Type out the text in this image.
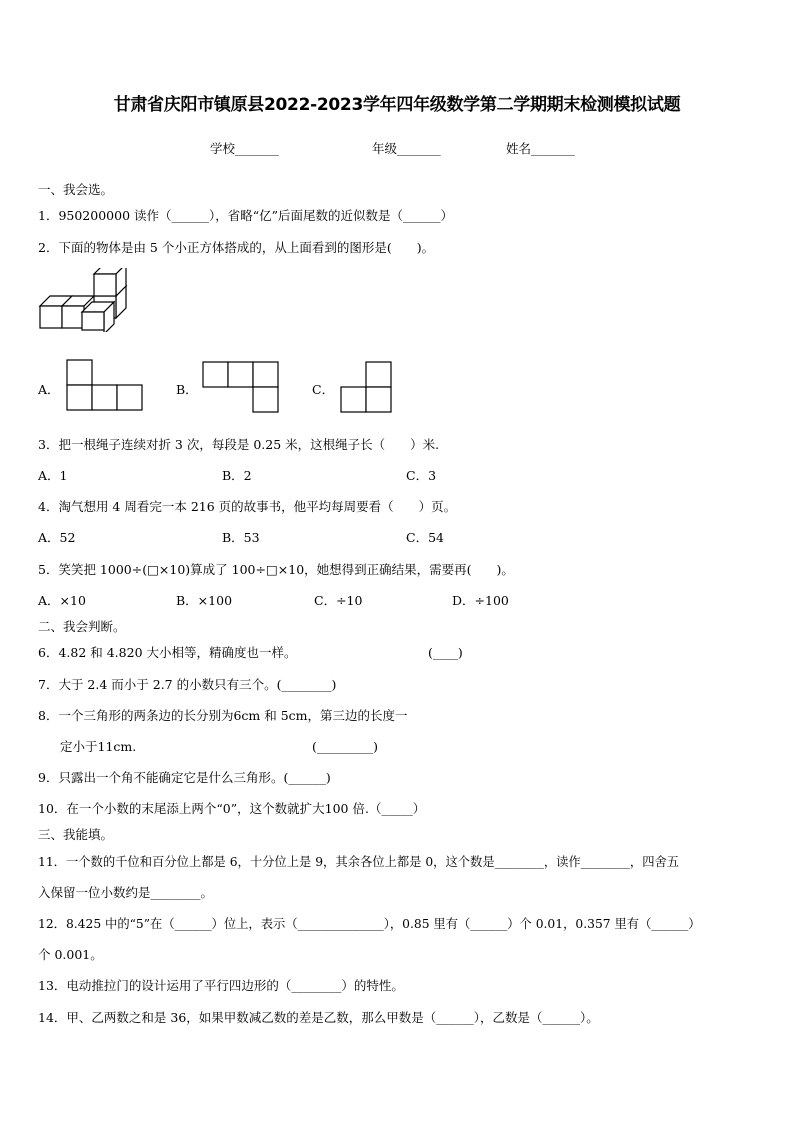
甘肃省庆阳市镇原县2022-2023学年四年级数学第二学期期末检测模拟试题
学校_______	年级_______	姓名_______
一、我会选。
1．950200000 读作（______），省略“亿”后面尾数的近似数是（______）
2．下面的物体是由 5 个小正方体搭成的，从上面看到的图形是(　　)。
A．	B．	C．
3．把一根绳子连续对折 3 次，每段是 0.25 米，这根绳子长（　　）米.
A．1	B．2	C．3
4．淘气想用 4 周看完一本 216 页的故事书，他平均每周要看（　　）页。
A．52	B．53	C．54
5．笑笑把 1000÷(□×10)算成了 100÷□×10，她想得到正确结果，需要再(　　)。
A．×10	B．×100	C．÷10	D．÷100
二、我会判断。
6．4.82 和 4.820 大小相等，精确度也一样。	(____)
7．大于 2.4 而小于 2.7 的小数只有三个。(________)
8．一个三角形的两条边的长分别为6cm 和 5cm，第三边的长度一
定小于11cm.	(_________)
9．只露出一个角不能确定它是什么三角形。(______)
10．在一个小数的末尾添上两个“0”，这个数就扩大100 倍.（_____）
三、我能填。
11．一个数的千位和百分位上都是 6，十分位上是 9，其余各位上都是 0，这个数是________，读作________，四舍五
入保留一位小数约是________。
12．8.425 中的“5”在（______）位上，表示（______________），0.85 里有（______）个 0.01，0.357 里有（______）
个 0.001。
13．电动推拉门的设计运用了平行四边形的（________）的特性。
14．甲、乙两数之和是 36，如果甲数减乙数的差是乙数，那么甲数是（______），乙数是（______）。
